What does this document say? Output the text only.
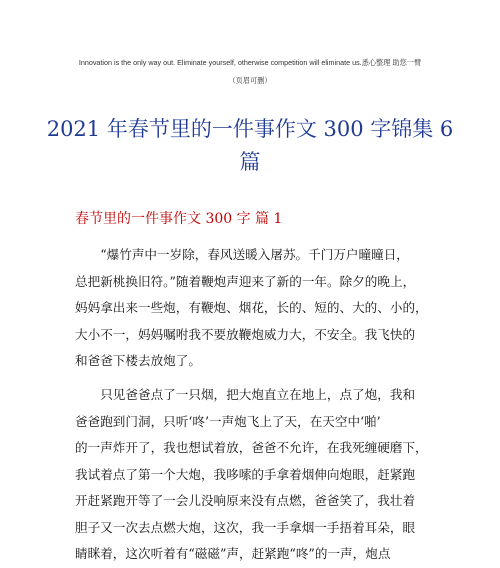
Innovation is the only way out. Eliminate yourself, otherwise competition will eliminate us.悉心整理 助您一臂
（页眉可删）
2021 年春节里的一件事作文 300 字锦集 6
篇
春节里的一件事作文 300 字 篇 1

“爆竹声中一岁除，春风送暖入屠苏。千门万户曈曈日，
总把新桃换旧符。”随着鞭炮声迎来了新的一年。除夕的晚上，
妈妈拿出来一些炮，有鞭炮、烟花，长的、短的、大的、小的，
大小不一，妈妈嘱咐我不要放鞭炮威力大，不安全。我飞快的
和爸爸下楼去放炮了。

只见爸爸点了一只烟，把大炮直立在地上，点了炮，我和
爸爸跑到门洞，只听‘咚’一声炮飞上了天，在天空中‘啪’
的一声炸开了，我也想试着放，爸爸不允许，在我死缠硬磨下，
我试着点了第一个大炮，我哆嗦的手拿着烟伸向炮眼，赶紧跑
开赶紧跑开等了一会儿没响原来没有点燃，爸爸笑了，我壮着
胆子又一次去点燃大炮，这次，我一手拿烟一手捂着耳朵，眼
睛眯着，这次听着有“磁磁”声，赶紧跑“咚”的一声，炮点
